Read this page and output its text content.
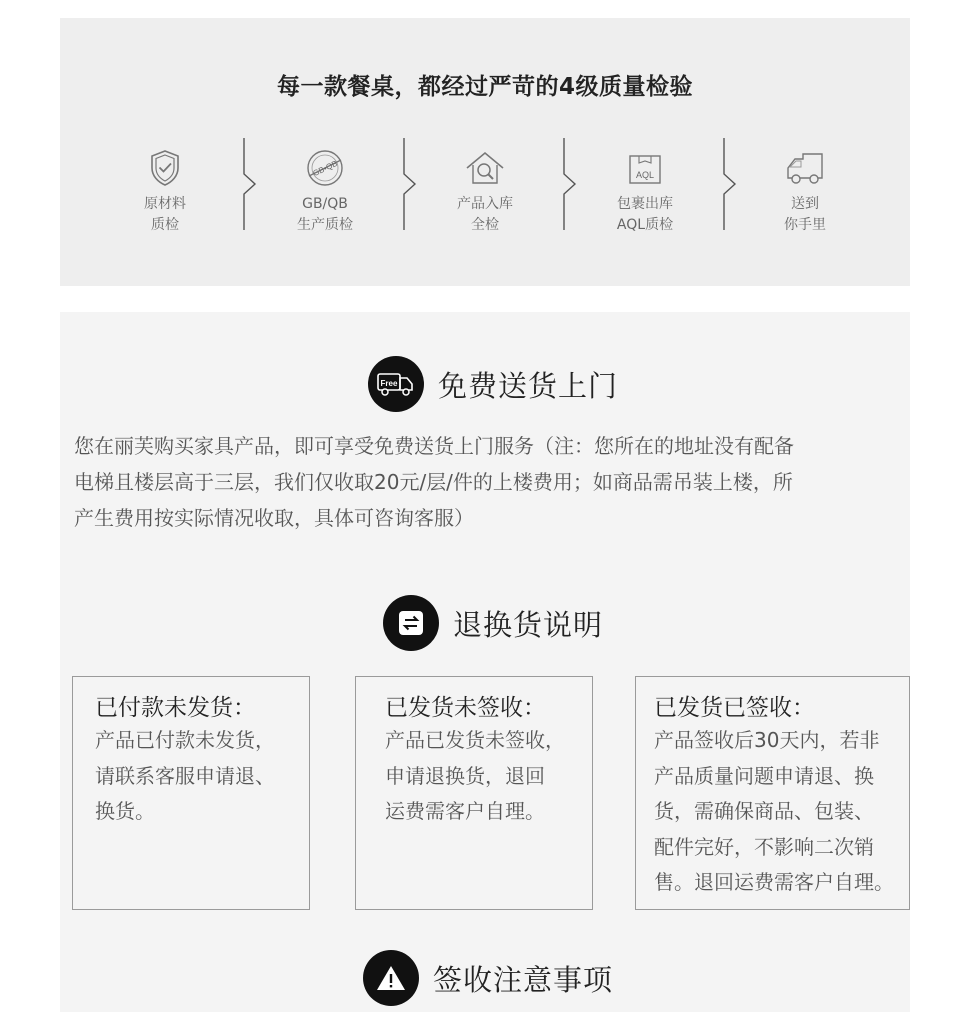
每一款餐桌，都经过严苛的4级质量检验
原材料
质检
GB•QB
GB/QB
生产质检
产品入库
全检
AQL
包裹出库
AQL质检
送到
你手里
Free 免费送货上门
您在丽芙购买家具产品，即可享受免费送货上门服务（注：您所在的地址没有配备
电梯且楼层高于三层，我们仅收取20元/层/件的上楼费用；如商品需吊装上楼，所
产生费用按实际情况收取，具体可咨询客服）
退换货说明
已付款未发货：
产品已付款未发货，
请联系客服申请退、
换货。
已发货未签收：
产品已发货未签收，
申请退换货，退回
运费需客户自理。
已发货已签收：
产品签收后30天内，若非
产品质量问题申请退、换
货，需确保商品、包装、
配件完好，不影响二次销
售。退回运费需客户自理。
签收注意事项
